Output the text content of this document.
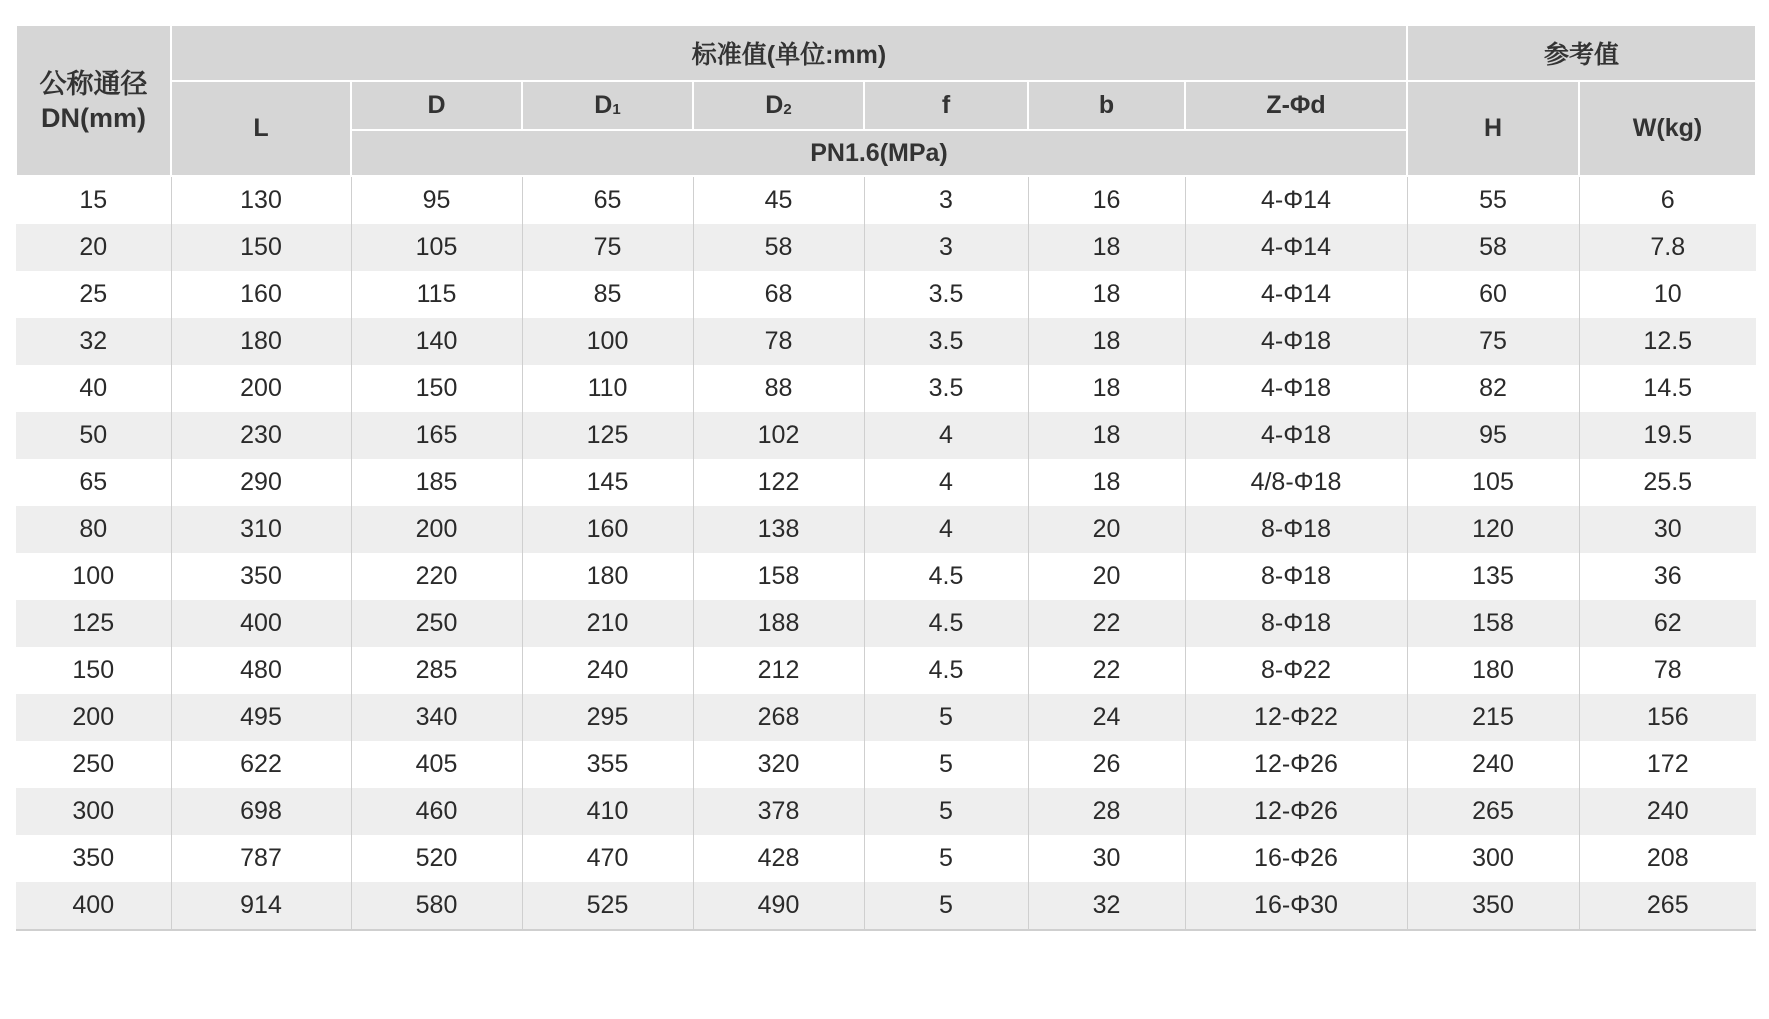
公称通径
DN(mm)	标准值(单位:mm)							参考值	
	L	D	D1	D2	f	b	Z-Φd	H	W(kg)
		PN1.6(MPa)							
15	130	95	65	45	3	16	4-Φ14	55	6
20	150	105	75	58	3	18	4-Φ14	58	7.8
25	160	115	85	68	3.5	18	4-Φ14	60	10
32	180	140	100	78	3.5	18	4-Φ18	75	12.5
40	200	150	110	88	3.5	18	4-Φ18	82	14.5
50	230	165	125	102	4	18	4-Φ18	95	19.5
65	290	185	145	122	4	18	4/8-Φ18	105	25.5
80	310	200	160	138	4	20	8-Φ18	120	30
100	350	220	180	158	4.5	20	8-Φ18	135	36
125	400	250	210	188	4.5	22	8-Φ18	158	62
150	480	285	240	212	4.5	22	8-Φ22	180	78
200	495	340	295	268	5	24	12-Φ22	215	156
250	622	405	355	320	5	26	12-Φ26	240	172
300	698	460	410	378	5	28	12-Φ26	265	240
350	787	520	470	428	5	30	16-Φ26	300	208
400	914	580	525	490	5	32	16-Φ30	350	265
